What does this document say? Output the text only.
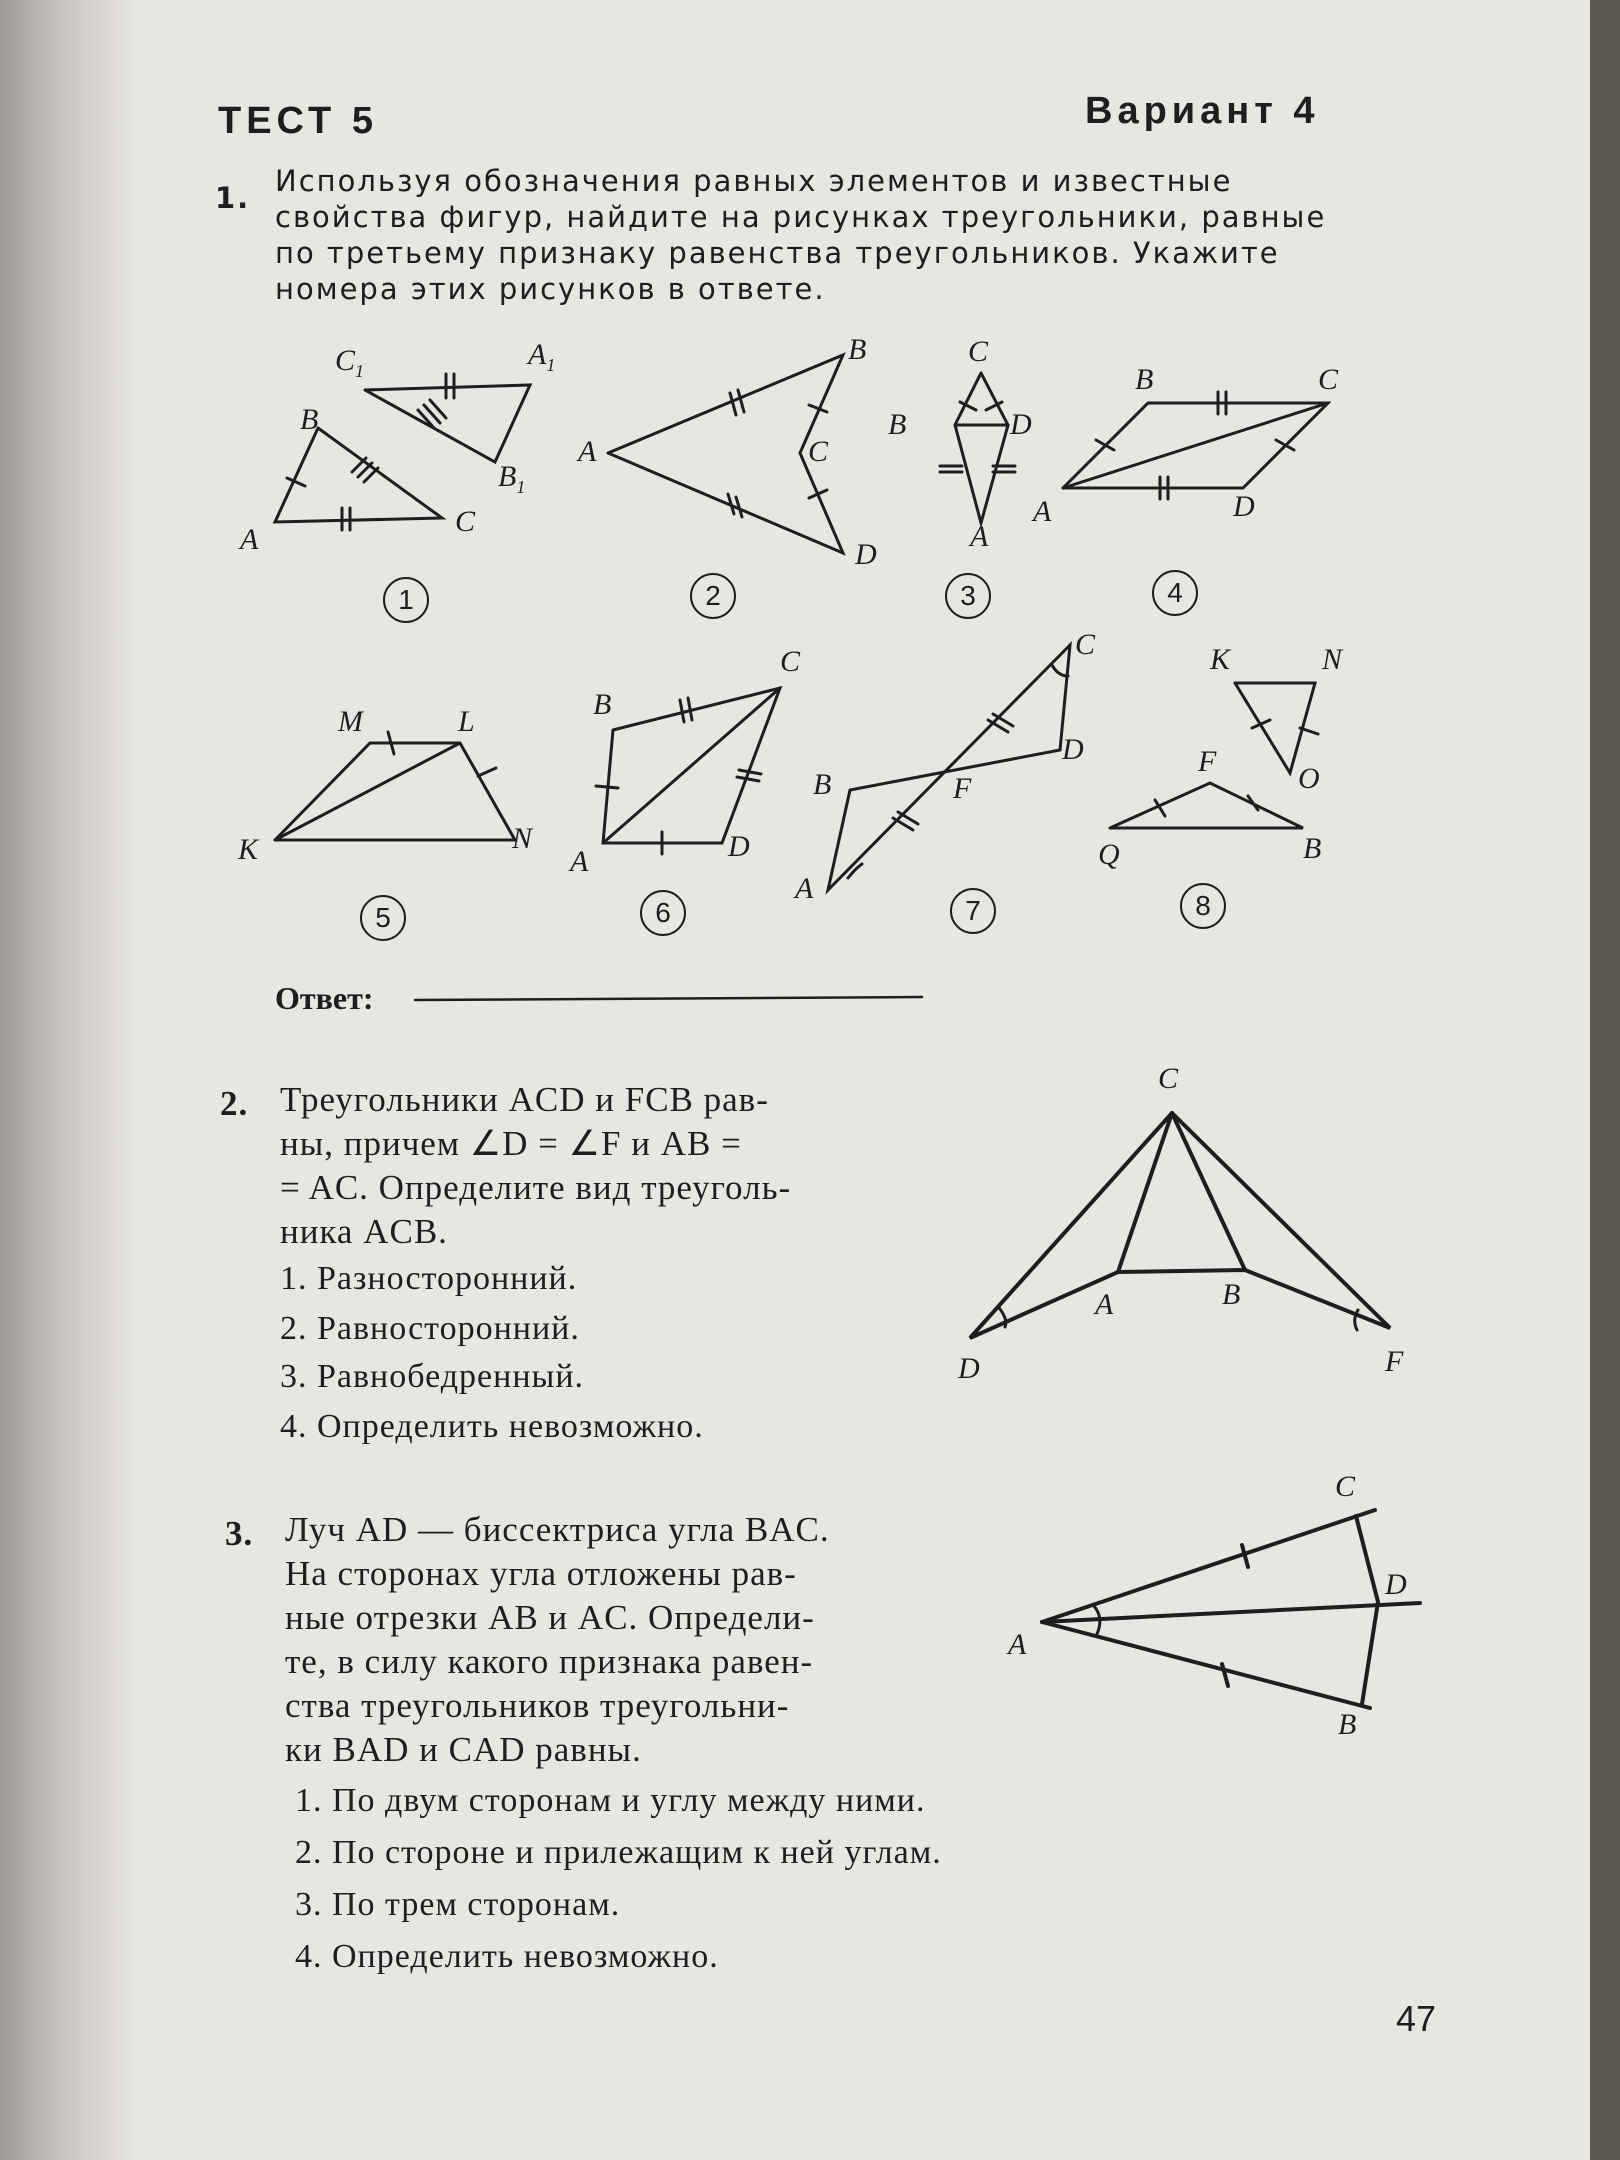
ТЕСТ 5	Вариант 4
1. Используя обозначения равных элементов и известные свойства фигур, найдите на рисунках треугольники, равные по третьему признаку равенства треугольников. Укажите номера этих рисунков в ответе.
$C_1$	$A_1$
B
$B_1$
A
C
1
A
B
C
D
2
C
B	D
A
3
B	C
A	D
4
M	L
K	N
5
B
C
A	D
6
C
D
B	F
A
7
K	N
O
F
Q	B
8
Ответ:
2. Треугольники ACD и FCB рав-
ны, причем ∠D = ∠F и AB =
= AC. Определите вид треуголь-
ника ACB.
1. Разносторонний.
2. Равносторонний.
3. Равнобедренный.
4. Определить невозможно.
C
A	B
D	F
3. Луч AD — биссектриса угла BAC.
На сторонах угла отложены рав-
ные отрезки AB и AC. Определи-
те, в силу какого признака равен-
ства треугольников треугольни-
ки BAD и CAD равны.
1. По двум сторонам и углу между ними.
2. По стороне и прилежащим к ней углам.
3. По трем сторонам.
4. Определить невозможно.
C
D
A
B
47
